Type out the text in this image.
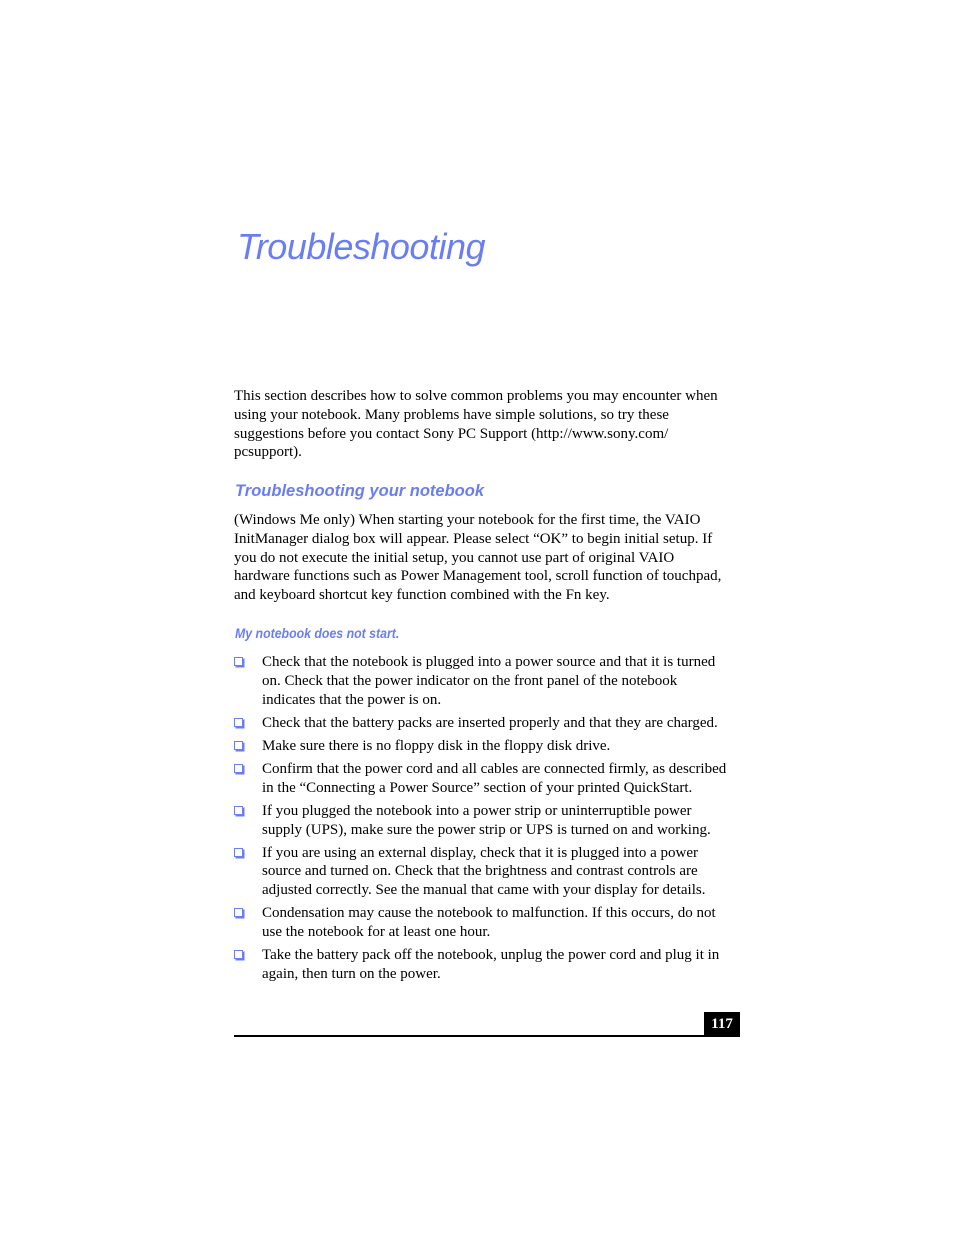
Troubleshooting
This section describes how to solve common problems you may encounter when
using your notebook. Many problems have simple solutions, so try these
suggestions before you contact Sony PC Support (http://www.sony.com/
pcsupport).
Troubleshooting your notebook
(Windows Me only) When starting your notebook for the first time, the VAIO
InitManager dialog box will appear. Please select “OK” to begin initial setup. If
you do not execute the initial setup, you cannot use part of original VAIO
hardware functions such as Power Management tool, scroll function of touchpad,
and keyboard shortcut key function combined with the Fn key.
My notebook does not start.
Check that the notebook is plugged into a power source and that it is turned
on. Check that the power indicator on the front panel of the notebook
indicates that the power is on.
Check that the battery packs are inserted properly and that they are charged.
Make sure there is no floppy disk in the floppy disk drive.
Confirm that the power cord and all cables are connected firmly, as described
in the “Connecting a Power Source” section of your printed QuickStart.
If you plugged the notebook into a power strip or uninterruptible power
supply (UPS), make sure the power strip or UPS is turned on and working.
If you are using an external display, check that it is plugged into a power
source and turned on. Check that the brightness and contrast controls are
adjusted correctly. See the manual that came with your display for details.
Condensation may cause the notebook to malfunction. If this occurs, do not
use the notebook for at least one hour.
Take the battery pack off the notebook, unplug the power cord and plug it in
again, then turn on the power.
117
